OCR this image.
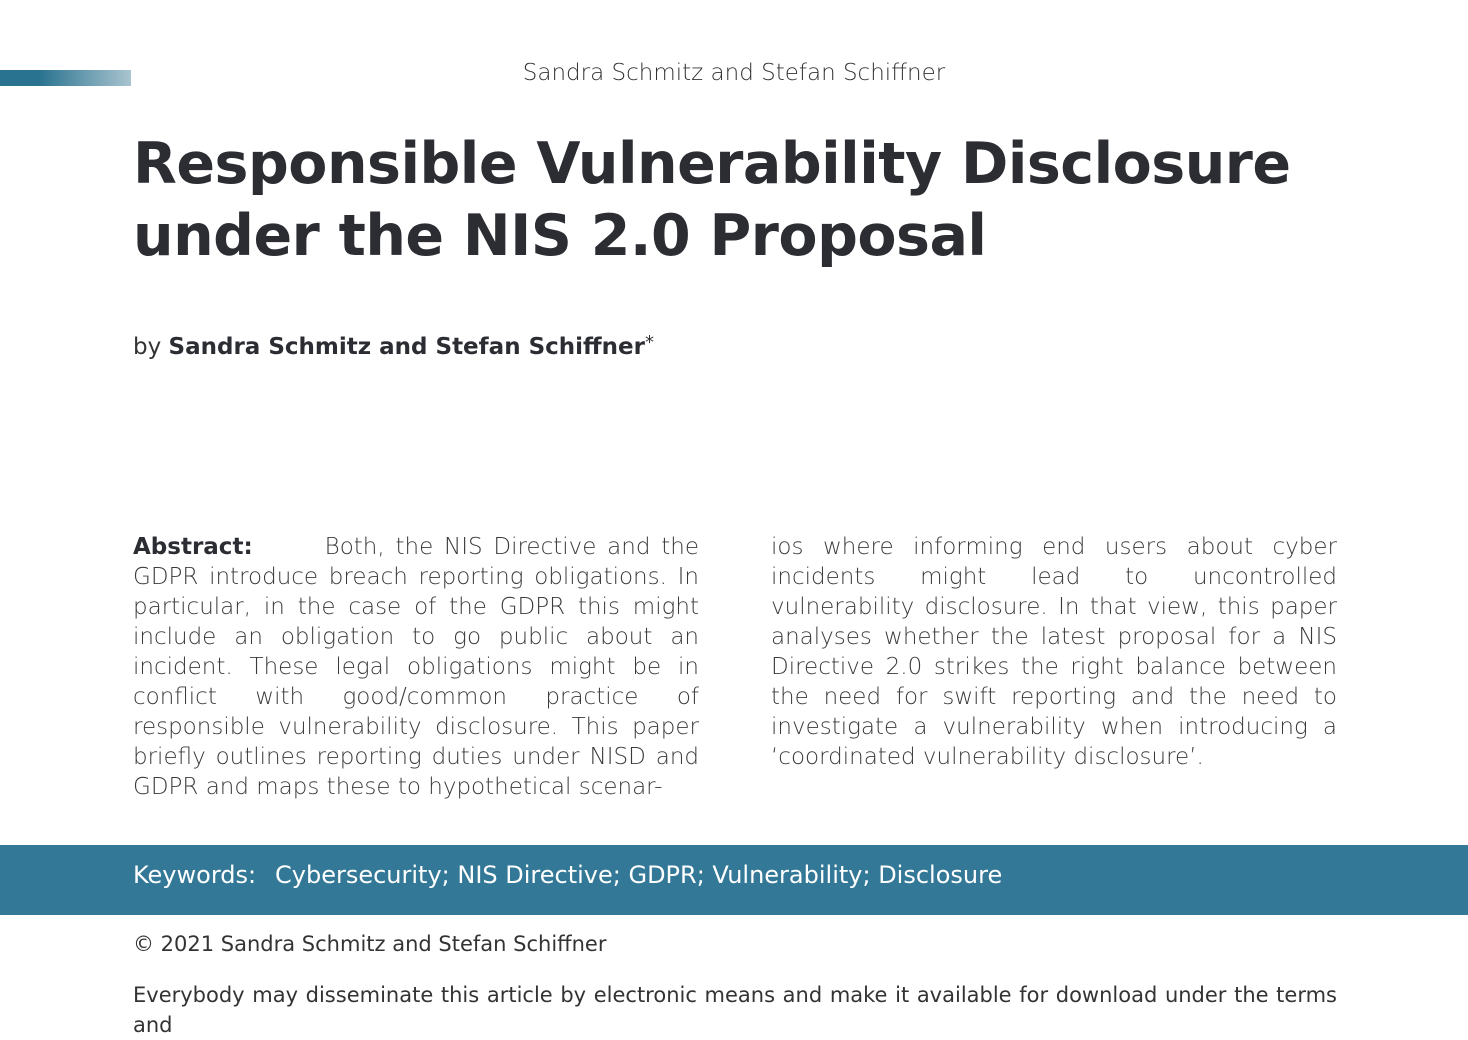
Sandra Schmitz and Stefan Schiffner
Responsible Vulnerability Disclosure
under the NIS 2.0 Proposal
by Sandra Schmitz and Stefan Schiffner*
Abstract:	Both, the NIS Directive and the GDPR introduce breach reporting obligations. In particular, in the case of the GDPR this might include an obligation to go public about an incident. These legal obligations might be in conflict with good/common practice of responsible vulnerability disclosure. This paper briefly outlines reporting duties under NISD and GDPR and maps these to hypothetical scenar-
ios where informing end users about cyber incidents might lead to uncontrolled vulnerability disclosure. In that view, this paper analyses whether the latest proposal for a NIS Directive 2.0 strikes the right balance between the need for swift reporting and the need to investigate a vulnerability when introducing a ‘coordinated vulnerability disclosure’.
Keywords: Cybersecurity; NIS Directive; GDPR; Vulnerability; Disclosure
© 2021 Sandra Schmitz and Stefan Schiffner
Everybody may disseminate this article by electronic means and make it available for download under the terms and
